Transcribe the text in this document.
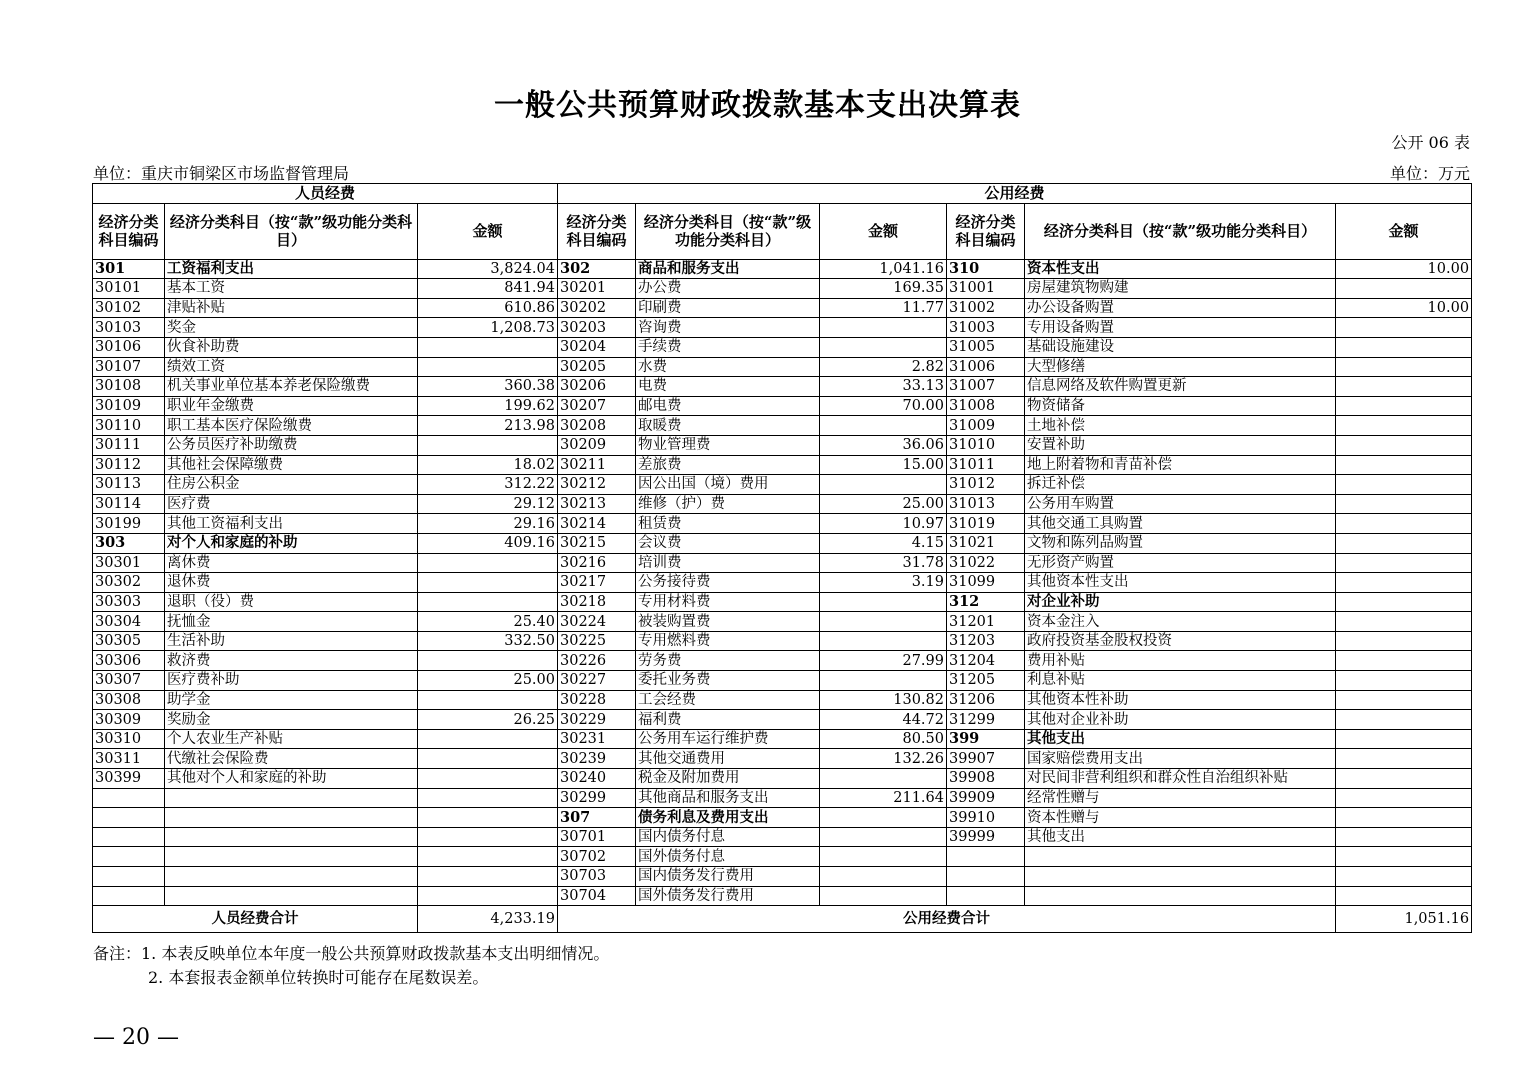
一般公共预算财政拨款基本支出决算表
公开 06 表
单位：重庆市铜梁区市场监督管理局	单位：万元
人员经费			公用经费					
经济分类科目编码	经济分类科目（按“款”级功能分类科目）	金额	经济分类科目编码	经济分类科目（按“款”级功能分类科目）	金额	经济分类科目编码	经济分类科目（按“款”级功能分类科目）	金额
301	工资福利支出	3,824.04	302	商品和服务支出	1,041.16	310	资本性支出	10.00
30101	基本工资	841.94	30201	办公费	169.35	31001	房屋建筑物购建	
30102	津贴补贴	610.86	30202	印刷费	11.77	31002	办公设备购置	10.00
30103	奖金	1,208.73	30203	咨询费		31003	专用设备购置	
30106	伙食补助费		30204	手续费		31005	基础设施建设	
30107	绩效工资		30205	水费	2.82	31006	大型修缮	
30108	机关事业单位基本养老保险缴费	360.38	30206	电费	33.13	31007	信息网络及软件购置更新	
30109	职业年金缴费	199.62	30207	邮电费	70.00	31008	物资储备	
30110	职工基本医疗保险缴费	213.98	30208	取暖费		31009	土地补偿	
30111	公务员医疗补助缴费		30209	物业管理费	36.06	31010	安置补助	
30112	其他社会保障缴费	18.02	30211	差旅费	15.00	31011	地上附着物和青苗补偿	
30113	住房公积金	312.22	30212	因公出国（境）费用		31012	拆迁补偿	
30114	医疗费	29.12	30213	维修（护）费	25.00	31013	公务用车购置	
30199	其他工资福利支出	29.16	30214	租赁费	10.97	31019	其他交通工具购置	
303	对个人和家庭的补助	409.16	30215	会议费	4.15	31021	文物和陈列品购置	
30301	离休费		30216	培训费	31.78	31022	无形资产购置	
30302	退休费		30217	公务接待费	3.19	31099	其他资本性支出	
30303	退职（役）费		30218	专用材料费		312	对企业补助	
30304	抚恤金	25.40	30224	被装购置费		31201	资本金注入	
30305	生活补助	332.50	30225	专用燃料费		31203	政府投资基金股权投资	
30306	救济费		30226	劳务费	27.99	31204	费用补贴	
30307	医疗费补助	25.00	30227	委托业务费		31205	利息补贴	
30308	助学金		30228	工会经费	130.82	31206	其他资本性补助	
30309	奖励金	26.25	30229	福利费	44.72	31299	其他对企业补助	
30310	个人农业生产补贴		30231	公务用车运行维护费	80.50	399	其他支出	
30311	代缴社会保险费		30239	其他交通费用	132.26	39907	国家赔偿费用支出	
30399	其他对个人和家庭的补助		30240	税金及附加费用		39908	对民间非营利组织和群众性自治组织补贴	
			30299	其他商品和服务支出	211.64	39909	经常性赠与	
			307	债务利息及费用支出		39910	资本性赠与	
			30701	国内债务付息		39999	其他支出	
			30702	国外债务付息				
			30703	国内债务发行费用				
			30704	国外债务发行费用				
人员经费合计		4,233.19	公用经费合计					1,051.16
备注：1. 本表反映单位本年度一般公共预算财政拨款基本支出明细情况。
2. 本套报表金额单位转换时可能存在尾数误差。
— 20 —
